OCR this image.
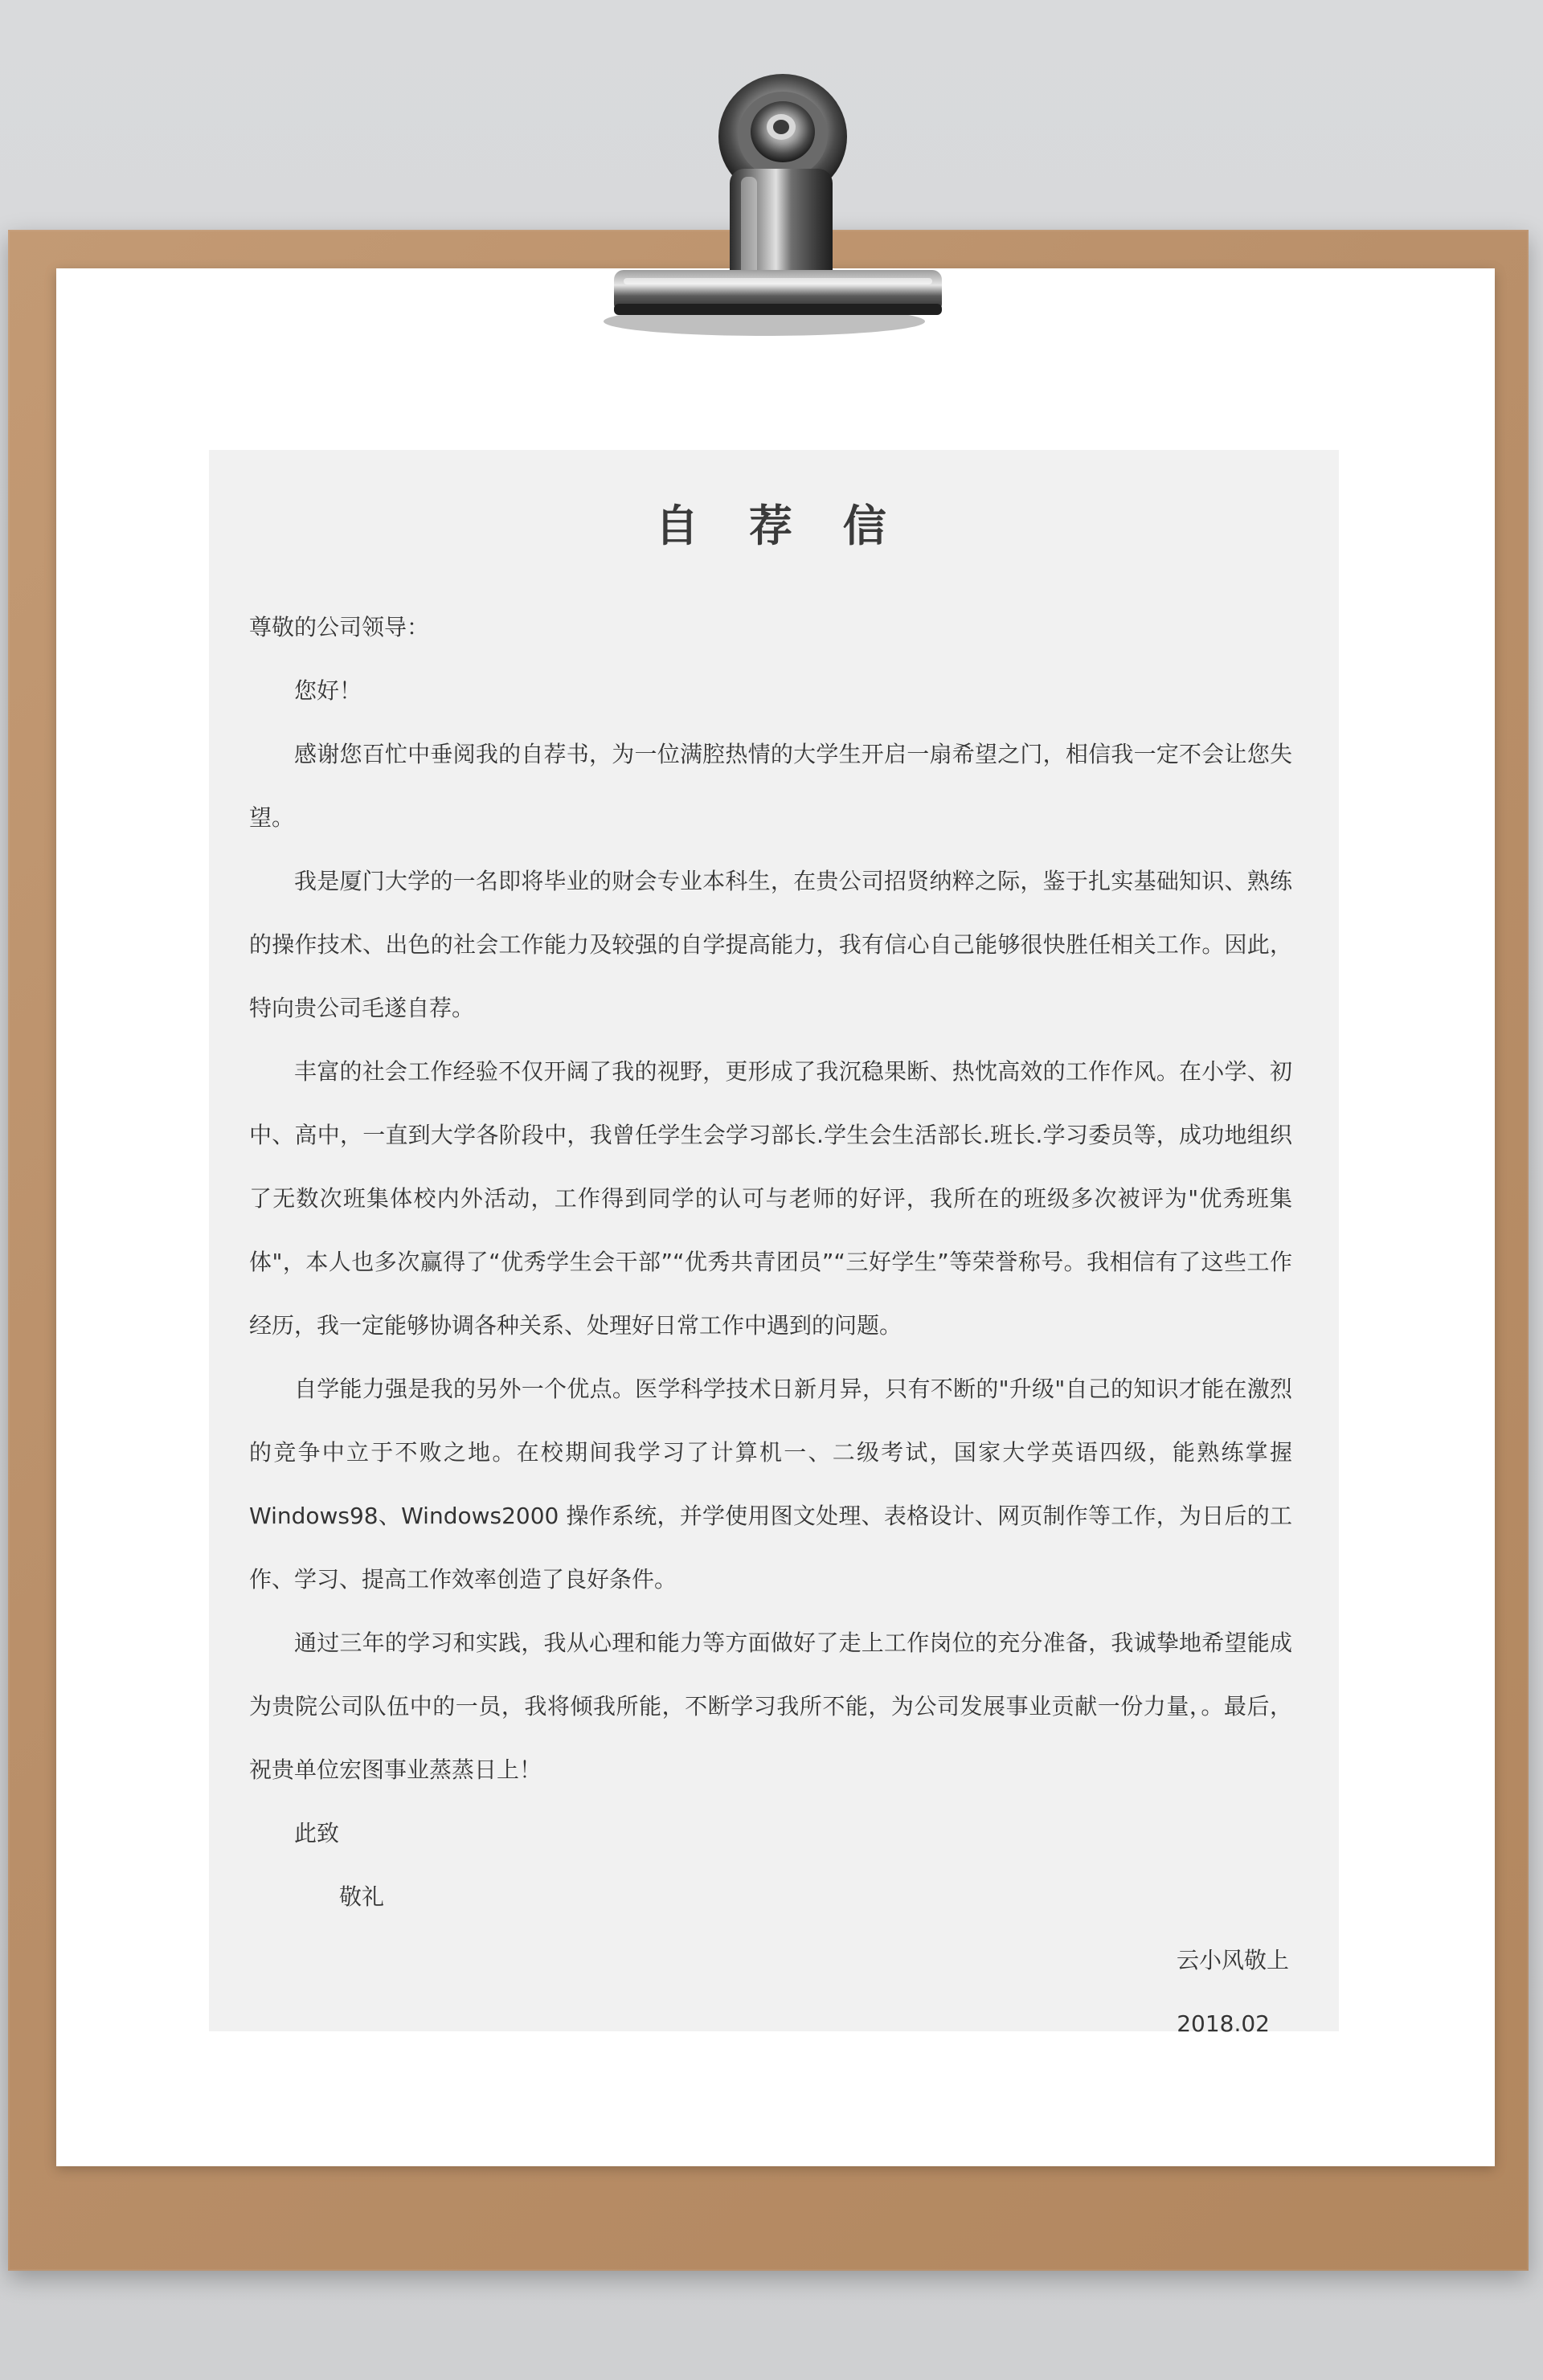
自 荐 信

尊敬的公司领导：

您好！

感谢您百忙中垂阅我的自荐书，为一位满腔热情的大学生开启一扇希望之门，相信我一定不会让您失望。

我是厦门大学的一名即将毕业的财会专业本科生，在贵公司招贤纳粹之际，鉴于扎实基础知识、熟练的操作技术、出色的社会工作能力及较强的自学提高能力，我有信心自己能够很快胜任相关工作。因此，特向贵公司毛遂自荐。

丰富的社会工作经验不仅开阔了我的视野，更形成了我沉稳果断、热忱高效的工作作风。在小学、初中、高中，一直到大学各阶段中，我曾任学生会学习部长.学生会生活部长.班长.学习委员等，成功地组织了无数次班集体校内外活动，工作得到同学的认可与老师的好评，我所在的班级多次被评为"优秀班集体"，本人也多次赢得了“优秀学生会干部”“优秀共青团员”“三好学生”等荣誉称号。我相信有了这些工作经历，我一定能够协调各种关系、处理好日常工作中遇到的问题。

自学能力强是我的另外一个优点。医学科学技术日新月异，只有不断的"升级"自己的知识才能在激烈的竞争中立于不败之地。在校期间我学习了计算机一、二级考试，国家大学英语四级，能熟练掌握 Windows98、Windows2000 操作系统，并学使用图文处理、表格设计、网页制作等工作，为日后的工作、学习、提高工作效率创造了良好条件。

通过三年的学习和实践，我从心理和能力等方面做好了走上工作岗位的充分准备，我诚挚地希望能成为贵院公司队伍中的一员，我将倾我所能，不断学习我所不能，为公司发展事业贡献一份力量，。最后，祝贵单位宏图事业蒸蒸日上！

此致

敬礼

云小风敬上

2018.02
